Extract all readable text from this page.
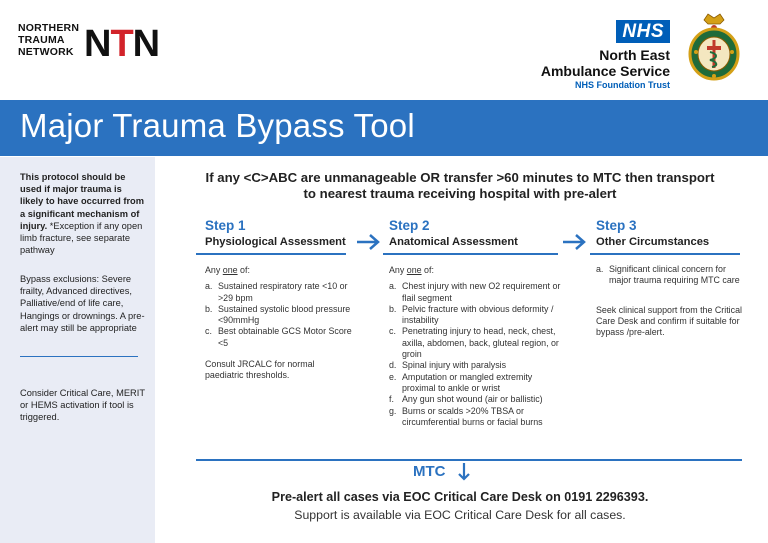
NORTHERN
TRAUMA
NETWORK NTN	NHS
North East
Ambulance Service
NHS Foundation Trust
Major Trauma Bypass Tool
This protocol should be used if major trauma is likely to have occurred from a significant mechanism of injury. *Exception if any open limb fracture, see separate pathway
Bypass exclusions: Severe frailty, Advanced directives, Palliative/end of life care, Hangings or drownings. A pre-alert may still be appropriate
Consider Critical Care, MERIT or HEMS activation if tool is triggered.
If any <C>ABC are unmanageable OR transfer >60 minutes to MTC then transport
to nearest trauma receiving hospital with pre-alert
Step 1
Physiological Assessment
Any one of:
a. Sustained respiratory rate <10 or >29 bpm
b. Sustained systolic blood pressure <90mmHg
c. Best obtainable GCS Motor Score <5
Consult JRCALC for normal paediatric thresholds.
Step 2
Anatomical Assessment
Any one of:
a. Chest injury with new O2 requirement or flail segment
b. Pelvic fracture with obvious deformity / instability
c. Penetrating injury to head, neck, chest, axilla, abdomen, back, gluteal region, or groin
d. Spinal injury with paralysis
e. Amputation or mangled extremity proximal to ankle or wrist
f. Any gun shot wound (air or ballistic)
g. Burns or scalds >20% TBSA or circumferential burns or facial burns
Step 3
Other Circumstances
a. Significant clinical concern for major trauma requiring MTC care
Seek clinical support from the Critical Care Desk and confirm if suitable for bypass /pre-alert.
MTC
Pre-alert all cases via EOC Critical Care Desk on 0191 2296393.
Support is available via EOC Critical Care Desk for all cases.
